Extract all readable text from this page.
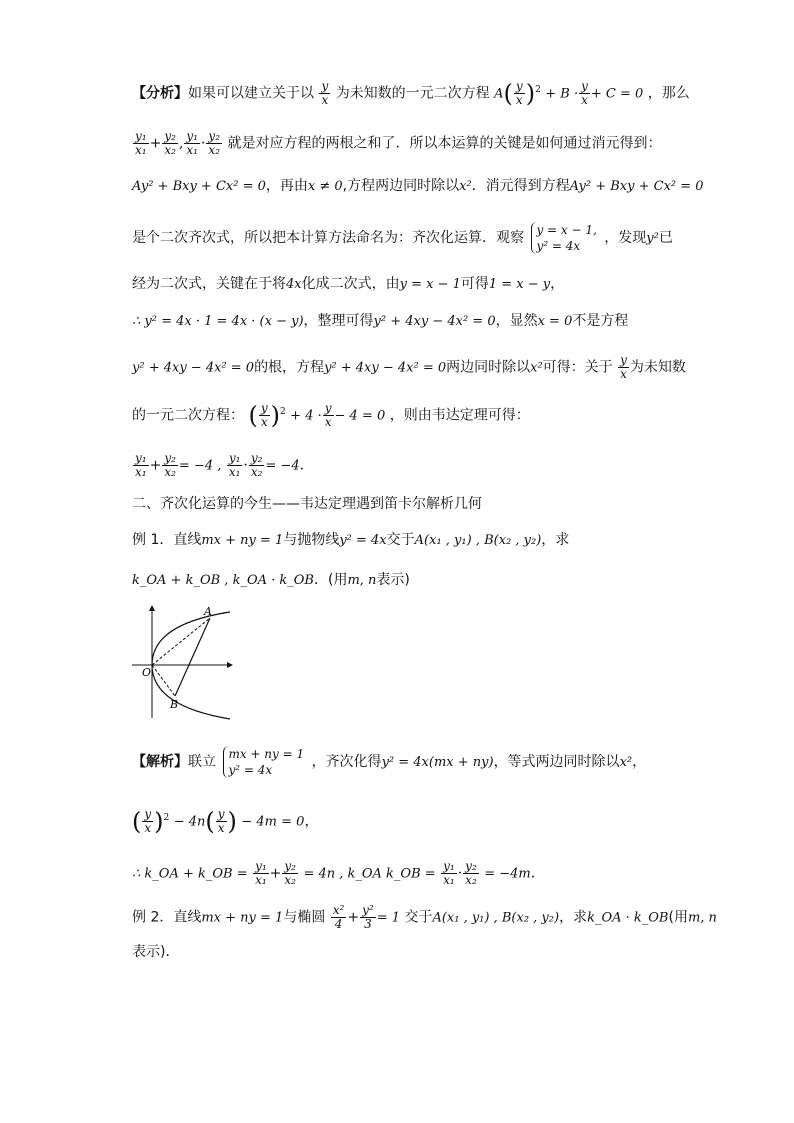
【分析】如果可以建立关于以 $\frac{y}{x}$ 为未知数的一元二次方程 $A( \frac{y}{x} )^2 + B \cdot \frac{y}{x} + C = 0$ ，那么
$\frac{\text{y₁}}{\text{x₁}} + \frac{\text{y₂}}{\text{x₂}}$ , $\frac{\text{y₁}}{\text{x₁}} \cdot \frac{\text{y₂}}{\text{x₂}}$ 就是对应方程的两根之和了．所以本运算的关键是如何通过消元得到：
Ay² + Bxy + Cx² = 0，再由x ≠ 0,方程两边同时除以x²．消元得到方程Ay² + Bxy + Cx² = 0
是个二次齐次式，所以把本计算方法命名为：齐次化运算．观察 y = x − 1,
y² = 4x	，发现y²已
经为二次式，关键在于将4x化成二次式，由y = x − 1可得1 = x − y，
∴ y² = 4x · 1 = 4x · (x − y)，整理可得y² + 4xy − 4x² = 0，显然x = 0不是方程
y² + 4xy − 4x² = 0的根，方程y² + 4xy − 4x² = 0两边同时除以x²可得：关于 $\frac{y}{x}$ 为未知数
的一元二次方程： ( $\frac{y}{x} )^2 + 4 \cdot \frac{y}{x} - 4 = 0$ ，则由韦达定理可得：
$\frac{\text{y₁}}{\text{x₁}} + \frac{\text{y₂}}{\text{x₂}} = -4$ , $\frac{\text{y₁}}{\text{x₁}} \cdot \frac{\text{y₂}}{\text{x₂}} = -4$．
二、齐次化运算的今生——韦达定理遇到笛卡尔解析几何
例 1．直线mx + ny = 1与抛物线y² = 4x交于A(x₁ , y₁) , B(x₂ , y₂)，求
k_OA + k_OB , k_OA · k_OB．(用m, n表示)
A
O
B
【解析】联立 mx + ny = 1
y² = 4x	，齐次化得y² = 4x(mx + ny)，等式两边同时除以x²，
( $\frac{y}{x} )^2 - 4n( \frac{y}{x}$ ) − 4m = 0，
∴ k_OA + k_OB = $\frac{\text{y₁}}{\text{x₁}} + \frac{\text{y₂}}{\text{x₂}} = 4n$ , k_OA k_OB = $\frac{\text{y₁}}{\text{x₁}} \cdot \frac{\text{y₂}}{\text{x₂}} = -4m$．
例 2．直线mx + ny = 1与椭圆 $\frac{\text{x²}}{4} + \frac{\text{y²}}{3} = 1$ 交于A(x₁ , y₁) , B(x₂ , y₂)，求k_OA · k_OB(用m, n
表示)．
